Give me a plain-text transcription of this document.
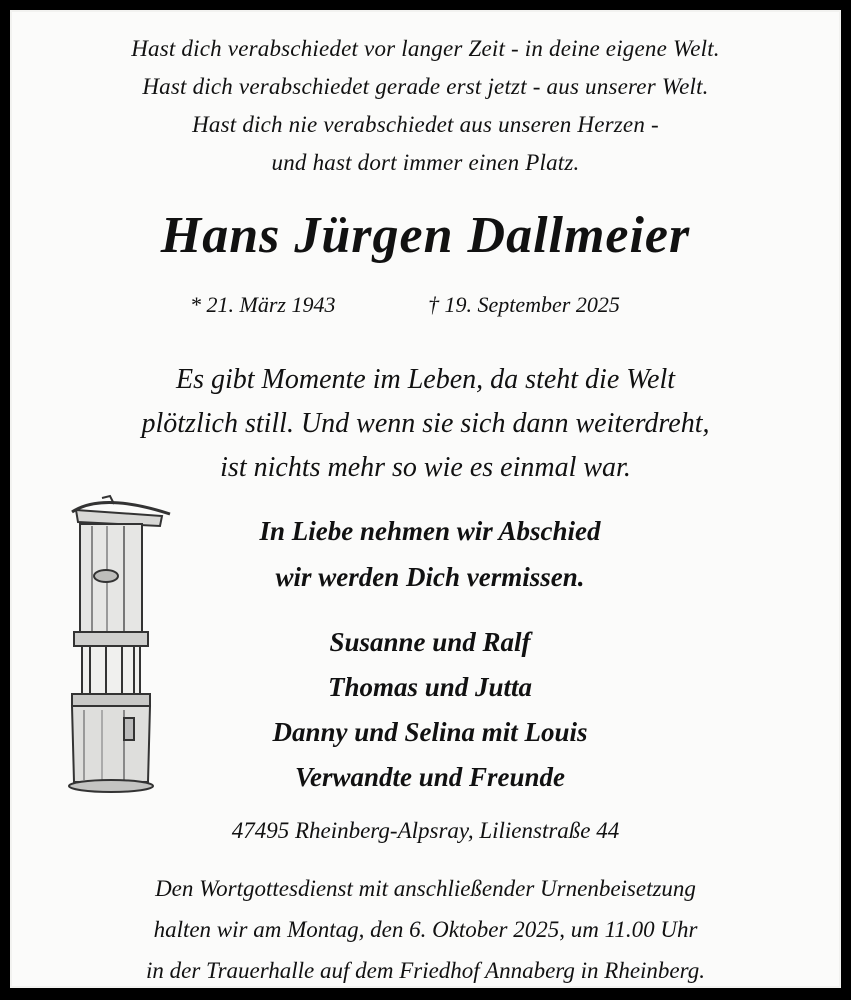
Hast dich verabschiedet vor langer Zeit - in deine eigene Welt.
Hast dich verabschiedet gerade erst jetzt - aus unserer Welt.
Hast dich nie verabschiedet aus unseren Herzen -
und hast dort immer einen Platz.
Hans Jürgen Dallmeier
* 21. März 1943	† 19. September 2025
Es gibt Momente im Leben, da steht die Welt
plötzlich still. Und wenn sie sich dann weiterdreht,
ist nichts mehr so wie es einmal war.
In Liebe nehmen wir Abschied
wir werden Dich vermissen.
Susanne und Ralf
Thomas und Jutta
Danny und Selina mit Louis
Verwandte und Freunde
47495 Rheinberg-Alpsray, Lilienstraße 44
Den Wortgottesdienst mit anschließender Urnenbeisetzung
halten wir am Montag, den 6. Oktober 2025, um 11.00 Uhr
in der Trauerhalle auf dem Friedhof Annaberg in Rheinberg.
